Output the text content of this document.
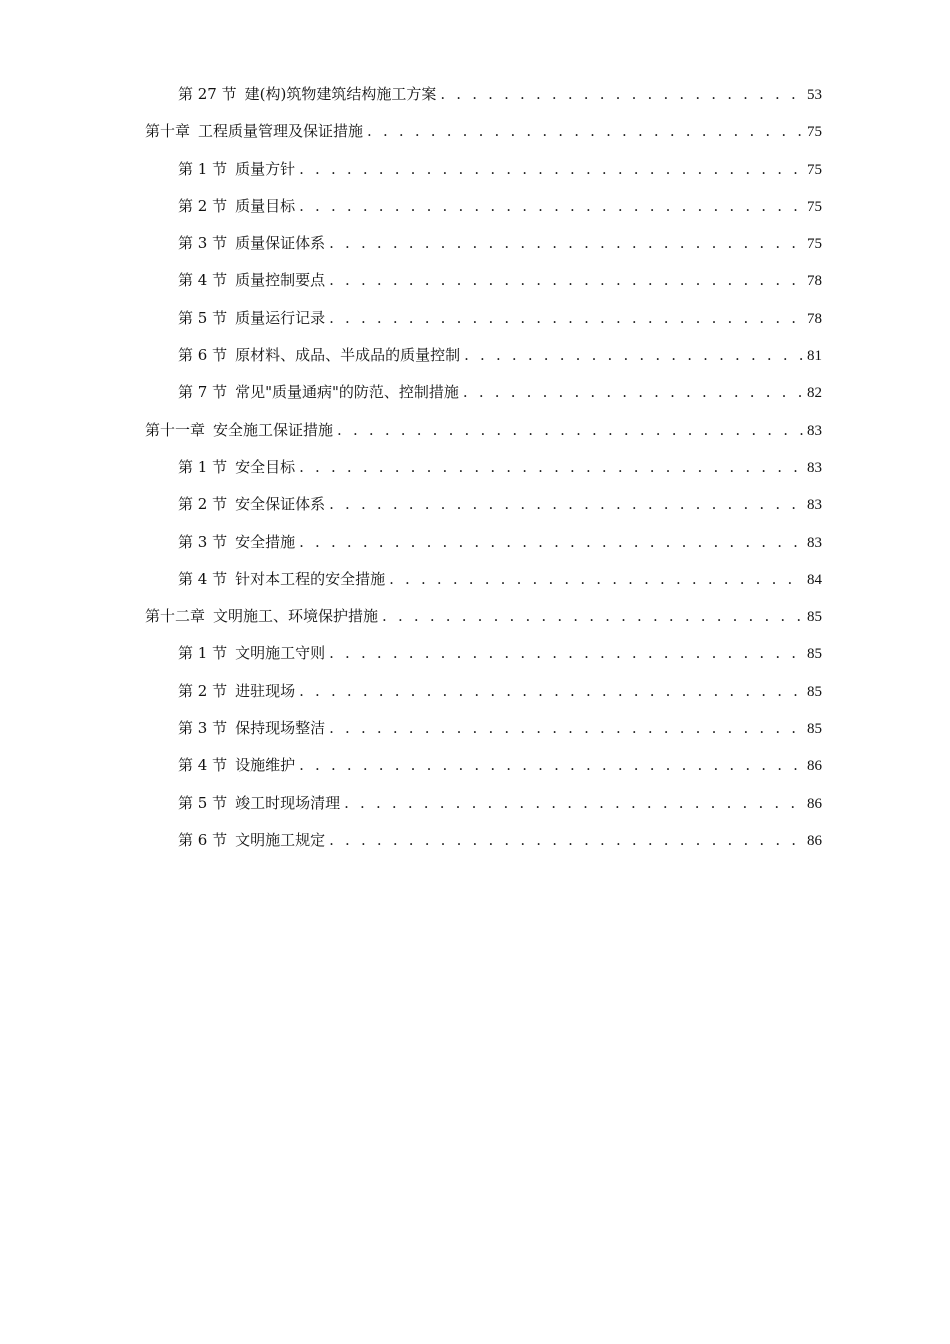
第 27 节 建(构)筑物建筑结构施工方案 . . .	53
第十章 工程质量管理及保证措施 . . .	75
第 1 节 质量方针 . . .	75
第 2 节 质量目标 . . .	75
第 3 节 质量保证体系 . . .	75
第 4 节 质量控制要点 . . .	78
第 5 节 质量运行记录 . . .	78
第 6 节 原材料、成品、半成品的质量控制 . . .	81
第 7 节 常见"质量通病"的防范、控制措施 . . .	82
第十一章 安全施工保证措施 . . .	83
第 1 节 安全目标 . . .	83
第 2 节 安全保证体系 . . .	83
第 3 节 安全措施 . . .	83
第 4 节 针对本工程的安全措施 . . .	84
第十二章 文明施工、环境保护措施 . . .	85
第 1 节 文明施工守则 . . .	85
第 2 节 进驻现场 . . .	85
第 3 节 保持现场整洁 . . .	85
第 4 节 设施维护 . . .	86
第 5 节 竣工时现场清理 . . .	86
第 6 节 文明施工规定 . . .	86
